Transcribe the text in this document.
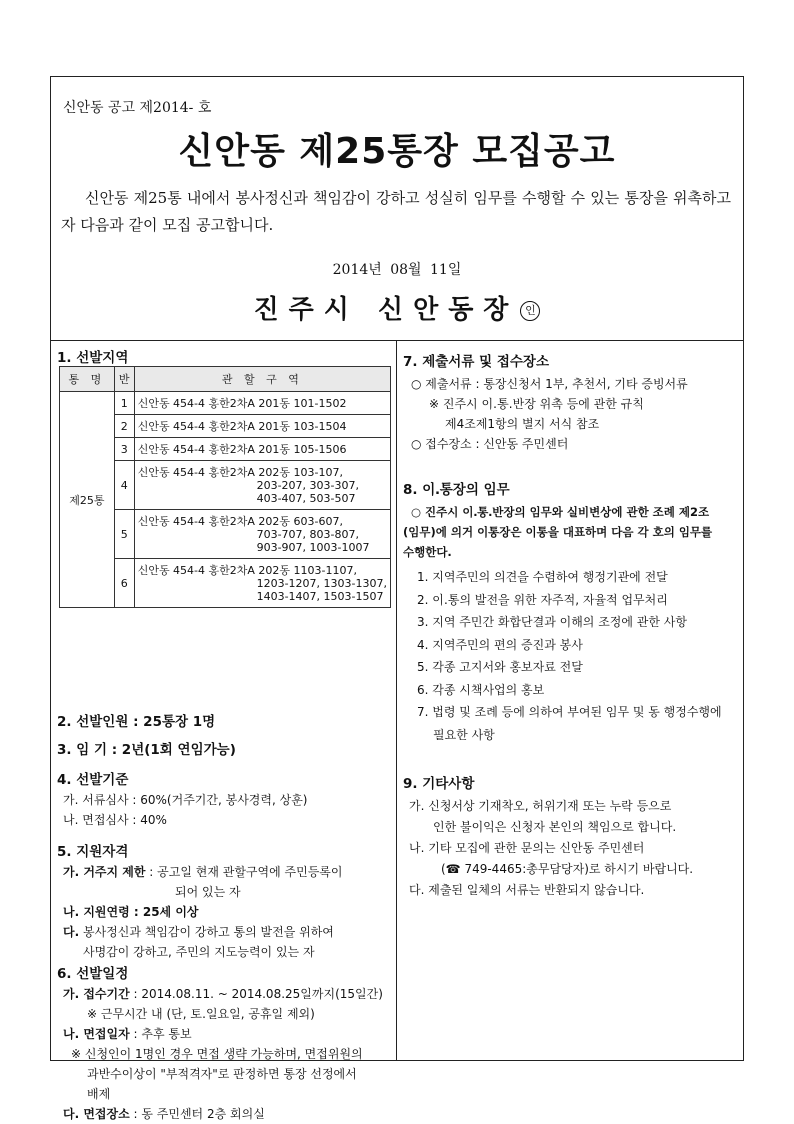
신안동 공고 제2014- 호
신안동 제25통장 모집공고
신안동 제25통 내에서 봉사정신과 책임감이 강하고 성실히 임무를 수행할 수 있는 통장을 위촉하고자 다음과 같이 모집 공고합니다.
2014년 08월 11일
진주시 신안동장 인

1. 선발지역

통 명	반	관 할 구 역
제25통	1	신안동 454-4 홍한2차A 201동 101-1502
	2	신안동 454-4 홍한2차A 201동 103-1504
	3	신안동 454-4 홍한2차A 201동 105-1506
	4	신안동 454-4 홍한2차A 202동 103-107,
203-207, 303-307,
403-407, 503-507
	5	신안동 454-4 홍한2차A 202동 603-607,
703-707, 803-807,
903-907, 1003-1007
	6	신안동 454-4 홍한2차A 202동 1103-1107,
1203-1207, 1303-1307,
1403-1407, 1503-1507

2. 선발인원 : 25통장 1명

3. 임 기 : 2년(1회 연임가능)

4. 선발기준

가. 서류심사 : 60%(거주기간, 봉사경력, 상훈)
나. 면접심사 : 40%

5. 지원자격

가. 거주지 제한 : 공고일 현재 관할구역에 주민등록이
되어 있는 자
나. 지원연령 : 25세 이상
다. 봉사정신과 책임감이 강하고 통의 발전을 위하여
사명감이 강하고, 주민의 지도능력이 있는 자

6. 선발일정

가. 접수기간 : 2014.08.11. ~ 2014.08.25일까지(15일간)
※ 근무시간 내 (단, 토․일요일, 공휴일 제외)
나. 면접일자 : 추후 통보
※ 신청인이 1명인 경우 면접 생략 가능하며, 면접위원의
과반수이상이 "부적격자"로 판정하면 통장 선정에서
배제
다. 면접장소 : 동 주민센터 2층 회의실

7. 제출서류 및 접수장소

○ 제출서류 : 통장신청서 1부, 추천서, 기타 증빙서류
※ 진주시 이․통․반장 위촉 등에 관한 규칙
제4조제1항의 별지 서식 참조
○ 접수장소 : 신안동 주민센터

8. 이․통장의 임무

○ 진주시 이․통․반장의 임무와 실비변상에 관한 조례 제2조
(임무)에 의거 이통장은 이통을 대표하며 다음 각 호의 임무를
수행한다.
1. 지역주민의 의견을 수렴하여 행정기관에 전달
2. 이․통의 발전을 위한 자주적, 자율적 업무처리
3. 지역 주민간 화합단결과 이해의 조정에 관한 사항
4. 지역주민의 편의 증진과 봉사
5. 각종 고지서와 홍보자료 전달
6. 각종 시책사업의 홍보
7. 법령 및 조례 등에 의하여 부여된 임무 및 동 행정수행에
필요한 사항

9. 기타사항

가. 신청서상 기재착오, 허위기재 또는 누락 등으로
인한 불이익은 신청자 본인의 책임으로 합니다.
나. 기타 모집에 관한 문의는 신안동 주민센터
(☎ 749-4465:총무담당자)로 하시기 바랍니다.
다. 제출된 일체의 서류는 반환되지 않습니다.
